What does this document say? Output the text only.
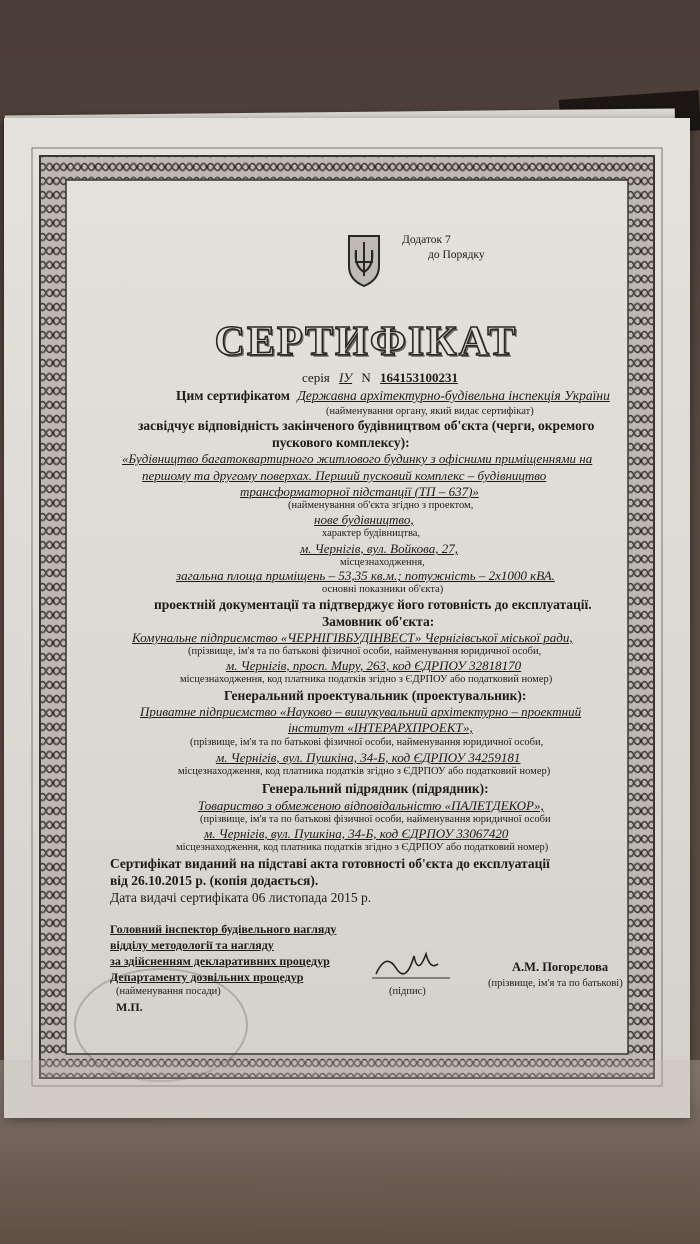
Додаток 7
до Порядку
СЕРТИФІКАТ
серія ІУ N 164153100231
Цим сертифікатом Державна архітектурно-будівельна інспекція України
(найменування органу, який видає сертифікат)
засвідчує відповідність закінченого будівництвом об'єкта (черги, окремого
пускового комплексу):
«Будівництво багатоквартирного житлового будинку з офісними приміщеннями на
першому та другому поверхах. Перший пусковий комплекс – будівництво
трансформаторної підстанції (ТП – 637)»
(найменування об'єкта згідно з проектом,
нове будівництво,
характер будівництва,
м. Чернігів, вул. Войкова, 27,
місцезнаходження,
загальна площа приміщень – 53,35 кв.м.; потужність – 2х1000 кВА.
основні показники об'єкта)
проектній документації та підтверджує його готовність до експлуатації.
Замовник об'єкта:
Комунальне підприємство «ЧЕРНІГІВБУДІНВЕСТ» Чернігівської міської ради,
(прізвище, ім'я та по батькові фізичної особи, найменування юридичної особи,
м. Чернігів, просп. Миру, 263, код ЄДРПОУ 32818170
місцезнаходження, код платника податків згідно з ЄДРПОУ або податковий номер)
Генеральний проектувальник (проектувальник):
Приватне підприємство «Науково – вишукувальний архітектурно – проектний
інститут «ІНТЕРАРХПРОЕКТ»,
(прізвище, ім'я та по батькові фізичної особи, найменування юридичної особи,
м. Чернігів, вул. Пушкіна, 34-Б, код ЄДРПОУ 34259181
місцезнаходження, код платника податків згідно з ЄДРПОУ або податковий номер)
Генеральний підрядник (підрядник):
Товариство з обмеженою відповідальністю «ПАЛЕТДЕКОР»,
(прізвище, ім'я та по батькові фізичної особи, найменування юридичної особи
м. Чернігів, вул. Пушкіна, 34-Б, код ЄДРПОУ 33067420
місцезнаходження, код платника податків згідно з ЄДРПОУ або податковий номер)
Сертифікат виданий на підставі акта готовності об'єкта до експлуатації
від 26.10.2015 р. (копія додається).
Дата видачі сертифіката 06 листопада 2015 р.
Головний інспектор будівельного нагляду
відділу методології та нагляду
за здійсненням декларативних процедур
Департаменту дозвільних процедур
(найменування посади)
М.П.
(підпис)
А.М. Погорєлова
(прізвище, ім'я та по батькові)
